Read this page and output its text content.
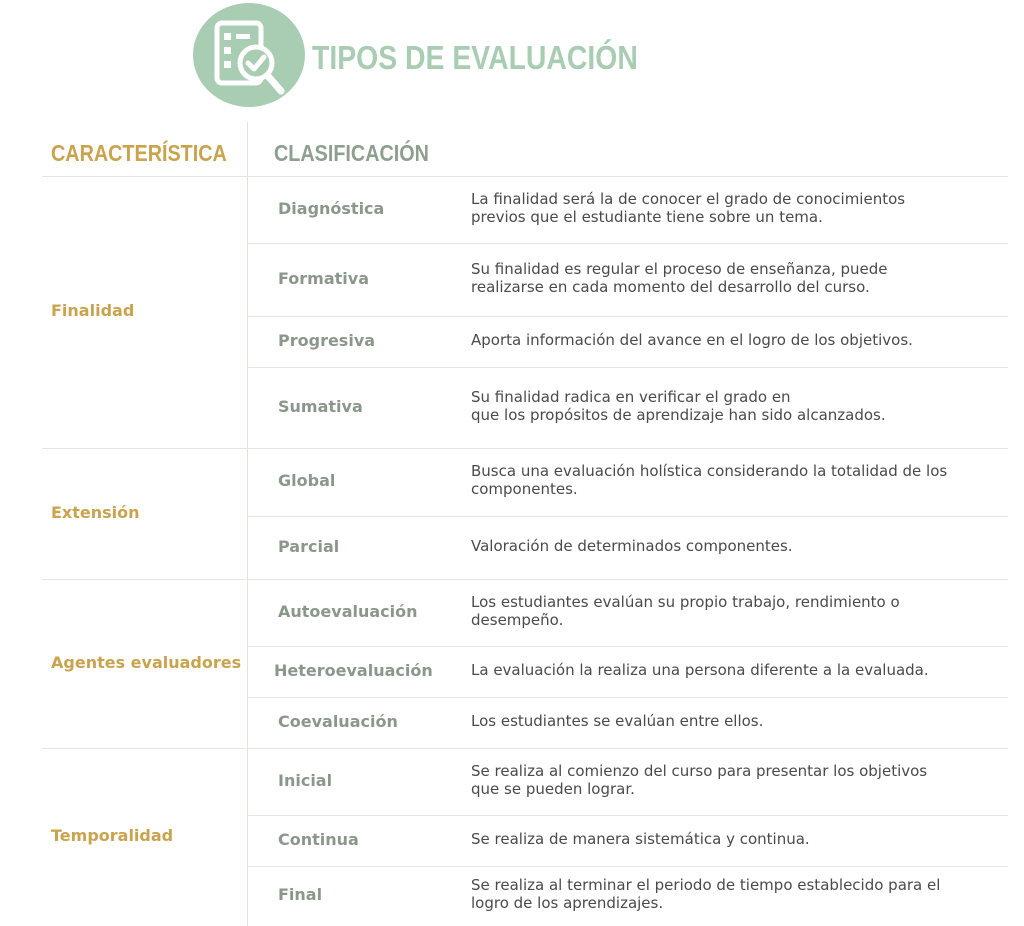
TIPOS DE EVALUACIÓN
CARACTERÍSTICA CLASIFICACIÓN
Finalidad
Diagnóstica	La finalidad será la de conocer el grado de conocimientos
previos que el estudiante tiene sobre un tema.
Formativa	Su finalidad es regular el proceso de enseñanza, puede
realizarse en cada momento del desarrollo del curso.
Progresiva	Aporta información del avance en el logro de los objetivos.
Sumativa	Su finalidad radica en verificar el grado en
que los propósitos de aprendizaje han sido alcanzados.
Extensión
Global	Busca una evaluación holística considerando la totalidad de los
componentes.
Parcial	Valoración de determinados componentes.
Agentes evaluadores
Autoevaluación	Los estudiantes evalúan su propio trabajo, rendimiento o
desempeño.
Heteroevaluación	La evaluación la realiza una persona diferente a la evaluada.
Coevaluación	Los estudiantes se evalúan entre ellos.
Temporalidad
Inicial	Se realiza al comienzo del curso para presentar los objetivos
que se pueden lograr.
Continua	Se realiza de manera sistemática y continua.
Final	Se realiza al terminar el periodo de tiempo establecido para el
logro de los aprendizajes.
